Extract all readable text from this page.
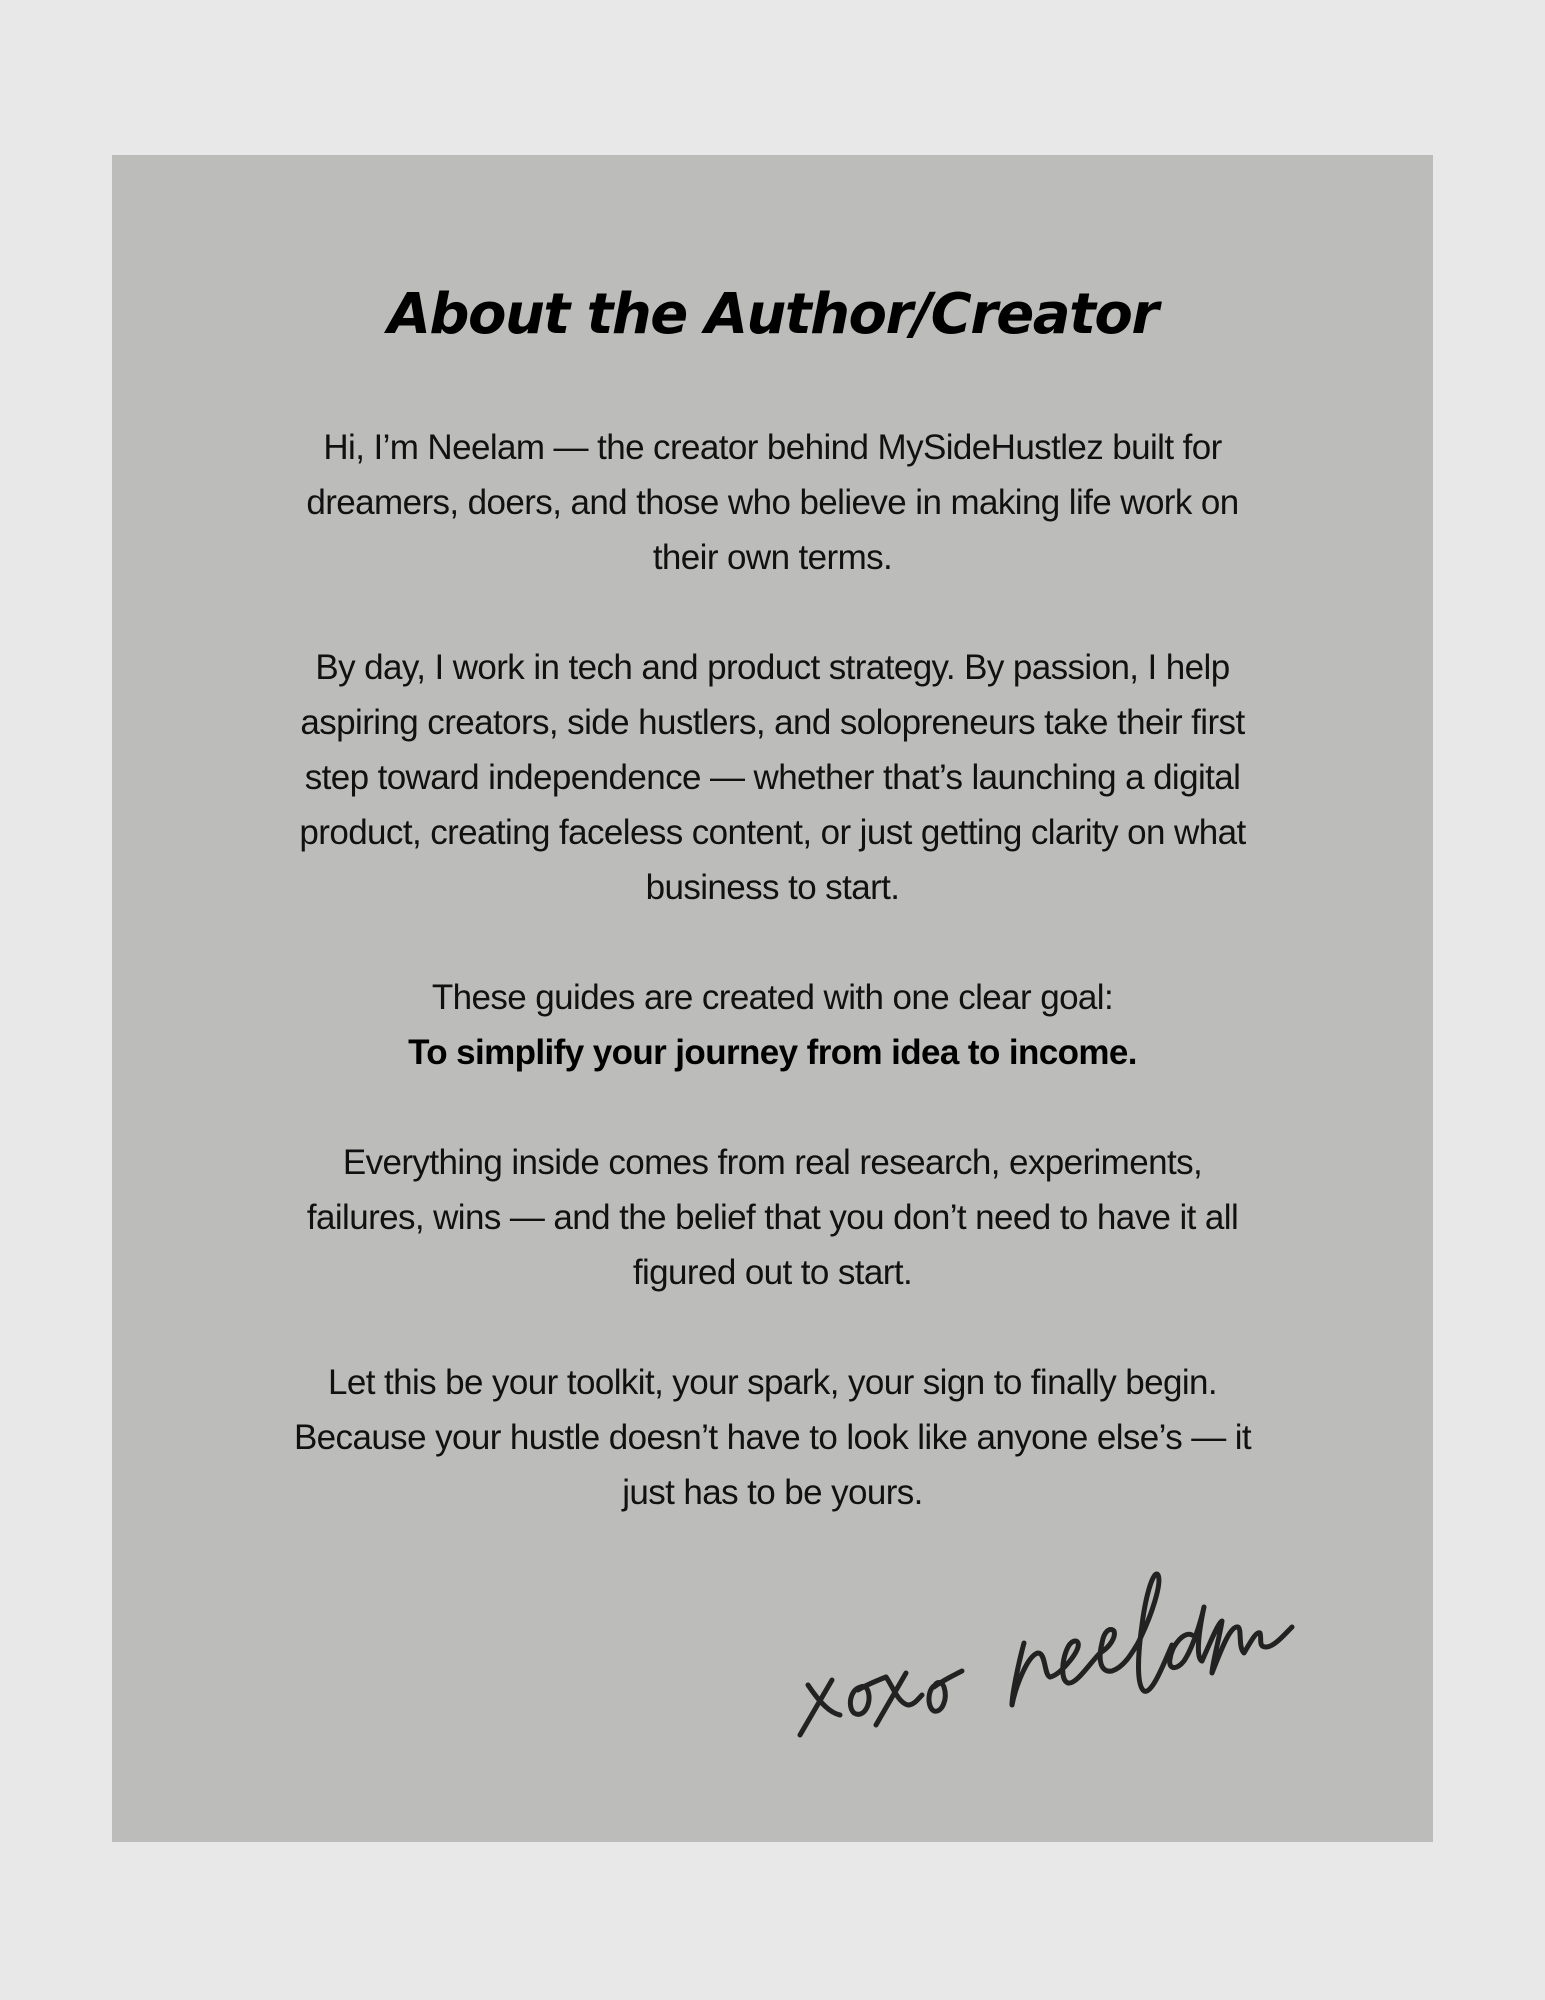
About the Author/Creator

Hi, I’m Neelam — the creator behind MySideHustlez built for
dreamers, doers, and those who believe in making life work on
their own terms.

By day, I work in tech and product strategy. By passion, I help
aspiring creators, side hustlers, and solopreneurs take their first
step toward independence — whether that’s launching a digital
product, creating faceless content, or just getting clarity on what
business to start.

These guides are created with one clear goal:
To simplify your journey from idea to income.

Everything inside comes from real research, experiments,
failures, wins — and the belief that you don’t need to have it all
figured out to start.

Let this be your toolkit, your spark, your sign to finally begin.
Because your hustle doesn’t have to look like anyone else’s — it
just has to be yours.
